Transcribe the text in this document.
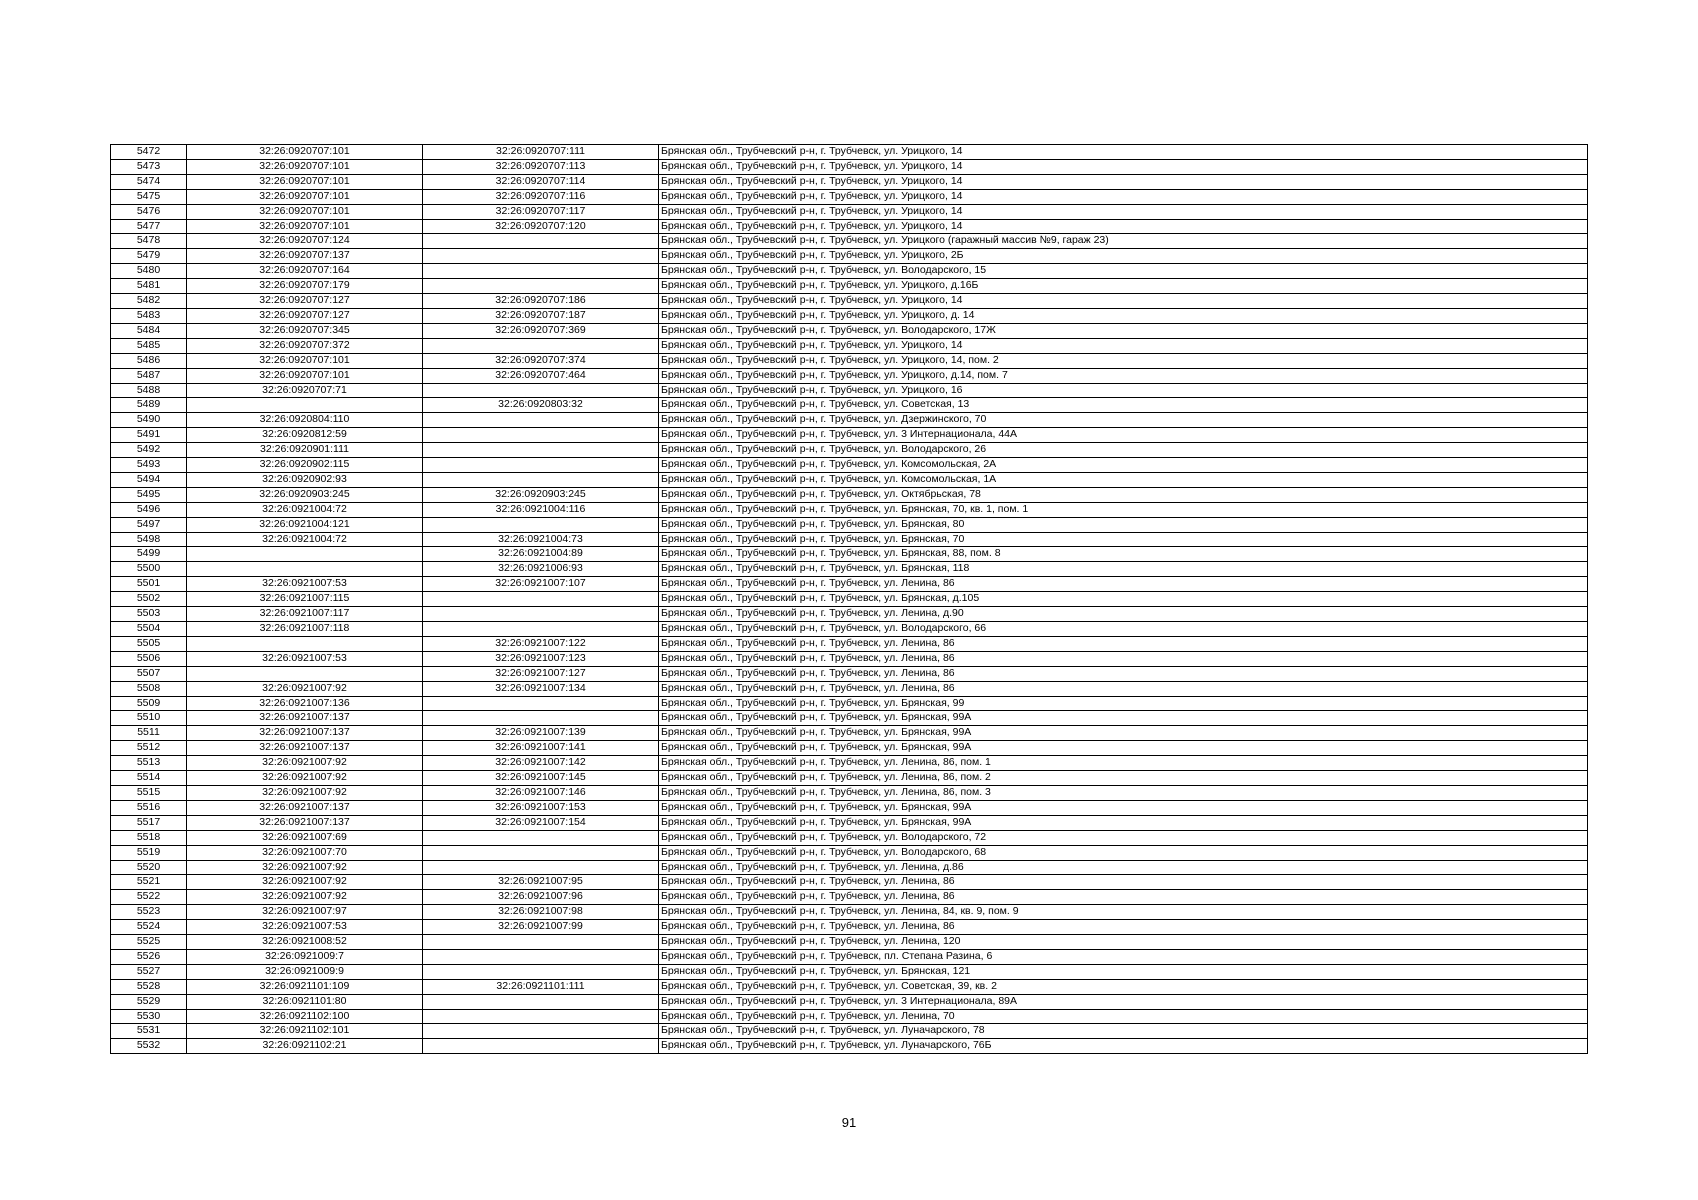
5472	32:26:0920707:101	32:26:0920707:111	Брянская обл., Трубчевский р-н, г. Трубчевск, ул. Урицкого, 14
5473	32:26:0920707:101	32:26:0920707:113	Брянская обл., Трубчевский р-н, г. Трубчевск, ул. Урицкого, 14
5474	32:26:0920707:101	32:26:0920707:114	Брянская обл., Трубчевский р-н, г. Трубчевск, ул. Урицкого, 14
5475	32:26:0920707:101	32:26:0920707:116	Брянская обл., Трубчевский р-н, г. Трубчевск, ул. Урицкого, 14
5476	32:26:0920707:101	32:26:0920707:117	Брянская обл., Трубчевский р-н, г. Трубчевск, ул. Урицкого, 14
5477	32:26:0920707:101	32:26:0920707:120	Брянская обл., Трубчевский р-н, г. Трубчевск, ул. Урицкого, 14
5478	32:26:0920707:124		Брянская обл., Трубчевский р-н, г. Трубчевск, ул. Урицкого (гаражный массив №9, гараж 23)
5479	32:26:0920707:137		Брянская обл., Трубчевский р-н, г. Трубчевск, ул. Урицкого, 2Б
5480	32:26:0920707:164		Брянская обл., Трубчевский р-н, г. Трубчевск, ул. Володарского, 15
5481	32:26:0920707:179		Брянская обл., Трубчевский р-н, г. Трубчевск, ул. Урицкого, д.16Б
5482	32:26:0920707:127	32:26:0920707:186	Брянская обл., Трубчевский р-н, г. Трубчевск, ул. Урицкого, 14
5483	32:26:0920707:127	32:26:0920707:187	Брянская обл., Трубчевский р-н, г. Трубчевск, ул. Урицкого, д. 14
5484	32:26:0920707:345	32:26:0920707:369	Брянская обл., Трубчевский р-н, г. Трубчевск, ул. Володарского, 17Ж
5485	32:26:0920707:372		Брянская обл., Трубчевский р-н, г. Трубчевск, ул. Урицкого, 14
5486	32:26:0920707:101	32:26:0920707:374	Брянская обл., Трубчевский р-н, г. Трубчевск, ул. Урицкого, 14, пом. 2
5487	32:26:0920707:101	32:26:0920707:464	Брянская обл., Трубчевский р-н, г. Трубчевск, ул. Урицкого, д.14, пом. 7
5488	32:26:0920707:71		Брянская обл., Трубчевский р-н, г. Трубчевск, ул. Урицкого, 16
5489		32:26:0920803:32	Брянская обл., Трубчевский р-н, г. Трубчевск, ул. Советская, 13
5490	32:26:0920804:110		Брянская обл., Трубчевский р-н, г. Трубчевск, ул. Дзержинского, 70
5491	32:26:0920812:59		Брянская обл., Трубчевский р-н, г. Трубчевск, ул. 3 Интернационала, 44А
5492	32:26:0920901:111		Брянская обл., Трубчевский р-н, г. Трубчевск, ул. Володарского, 26
5493	32:26:0920902:115		Брянская обл., Трубчевский р-н, г. Трубчевск, ул. Комсомольская, 2А
5494	32:26:0920902:93		Брянская обл., Трубчевский р-н, г. Трубчевск, ул. Комсомольская, 1А
5495	32:26:0920903:245	32:26:0920903:245	Брянская обл., Трубчевский р-н, г. Трубчевск, ул. Октябрьская, 78
5496	32:26:0921004:72	32:26:0921004:116	Брянская обл., Трубчевский р-н, г. Трубчевск, ул. Брянская, 70, кв. 1, пом. 1
5497	32:26:0921004:121		Брянская обл., Трубчевский р-н, г. Трубчевск, ул. Брянская, 80
5498	32:26:0921004:72	32:26:0921004:73	Брянская обл., Трубчевский р-н, г. Трубчевск, ул. Брянская, 70
5499		32:26:0921004:89	Брянская обл., Трубчевский р-н, г. Трубчевск, ул. Брянская, 88, пом. 8
5500		32:26:0921006:93	Брянская обл., Трубчевский р-н, г. Трубчевск, ул. Брянская, 118
5501	32:26:0921007:53	32:26:0921007:107	Брянская обл., Трубчевский р-н, г. Трубчевск, ул. Ленина, 86
5502	32:26:0921007:115		Брянская обл., Трубчевский р-н, г. Трубчевск, ул. Брянская, д.105
5503	32:26:0921007:117		Брянская обл., Трубчевский р-н, г. Трубчевск, ул. Ленина, д.90
5504	32:26:0921007:118		Брянская обл., Трубчевский р-н, г. Трубчевск, ул. Володарского, 66
5505		32:26:0921007:122	Брянская обл., Трубчевский р-н, г. Трубчевск, ул. Ленина, 86
5506	32:26:0921007:53	32:26:0921007:123	Брянская обл., Трубчевский р-н, г. Трубчевск, ул. Ленина, 86
5507		32:26:0921007:127	Брянская обл., Трубчевский р-н, г. Трубчевск, ул. Ленина, 86
5508	32:26:0921007:92	32:26:0921007:134	Брянская обл., Трубчевский р-н, г. Трубчевск, ул. Ленина, 86
5509	32:26:0921007:136		Брянская обл., Трубчевский р-н, г. Трубчевск, ул. Брянская, 99
5510	32:26:0921007:137		Брянская обл., Трубчевский р-н, г. Трубчевск, ул. Брянская, 99А
5511	32:26:0921007:137	32:26:0921007:139	Брянская обл., Трубчевский р-н, г. Трубчевск, ул. Брянская, 99А
5512	32:26:0921007:137	32:26:0921007:141	Брянская обл., Трубчевский р-н, г. Трубчевск, ул. Брянская, 99А
5513	32:26:0921007:92	32:26:0921007:142	Брянская обл., Трубчевский р-н, г. Трубчевск, ул. Ленина, 86, пом. 1
5514	32:26:0921007:92	32:26:0921007:145	Брянская обл., Трубчевский р-н, г. Трубчевск, ул. Ленина, 86, пом. 2
5515	32:26:0921007:92	32:26:0921007:146	Брянская обл., Трубчевский р-н, г. Трубчевск, ул. Ленина, 86, пом. 3
5516	32:26:0921007:137	32:26:0921007:153	Брянская обл., Трубчевский р-н, г. Трубчевск, ул. Брянская, 99А
5517	32:26:0921007:137	32:26:0921007:154	Брянская обл., Трубчевский р-н, г. Трубчевск, ул. Брянская, 99А
5518	32:26:0921007:69		Брянская обл., Трубчевский р-н, г. Трубчевск, ул. Володарского, 72
5519	32:26:0921007:70		Брянская обл., Трубчевский р-н, г. Трубчевск, ул. Володарского, 68
5520	32:26:0921007:92		Брянская обл., Трубчевский р-н, г. Трубчевск, ул. Ленина, д.86
5521	32:26:0921007:92	32:26:0921007:95	Брянская обл., Трубчевский р-н, г. Трубчевск, ул. Ленина, 86
5522	32:26:0921007:92	32:26:0921007:96	Брянская обл., Трубчевский р-н, г. Трубчевск, ул. Ленина, 86
5523	32:26:0921007:97	32:26:0921007:98	Брянская обл., Трубчевский р-н, г. Трубчевск, ул. Ленина, 84, кв. 9, пом. 9
5524	32:26:0921007:53	32:26:0921007:99	Брянская обл., Трубчевский р-н, г. Трубчевск, ул. Ленина, 86
5525	32:26:0921008:52		Брянская обл., Трубчевский р-н, г. Трубчевск, ул. Ленина, 120
5526	32:26:0921009:7		Брянская обл., Трубчевский р-н, г. Трубчевск, пл. Степана Разина, 6
5527	32:26:0921009:9		Брянская обл., Трубчевский р-н, г. Трубчевск, ул. Брянская, 121
5528	32:26:0921101:109	32:26:0921101:111	Брянская обл., Трубчевский р-н, г. Трубчевск, ул. Советская, 39, кв. 2
5529	32:26:0921101:80		Брянская обл., Трубчевский р-н, г. Трубчевск, ул. 3 Интернационала, 89А
5530	32:26:0921102:100		Брянская обл., Трубчевский р-н, г. Трубчевск, ул. Ленина, 70
5531	32:26:0921102:101		Брянская обл., Трубчевский р-н, г. Трубчевск, ул. Луначарского, 78
5532	32:26:0921102:21		Брянская обл., Трубчевский р-н, г. Трубчевск, ул. Луначарского, 76Б
91
